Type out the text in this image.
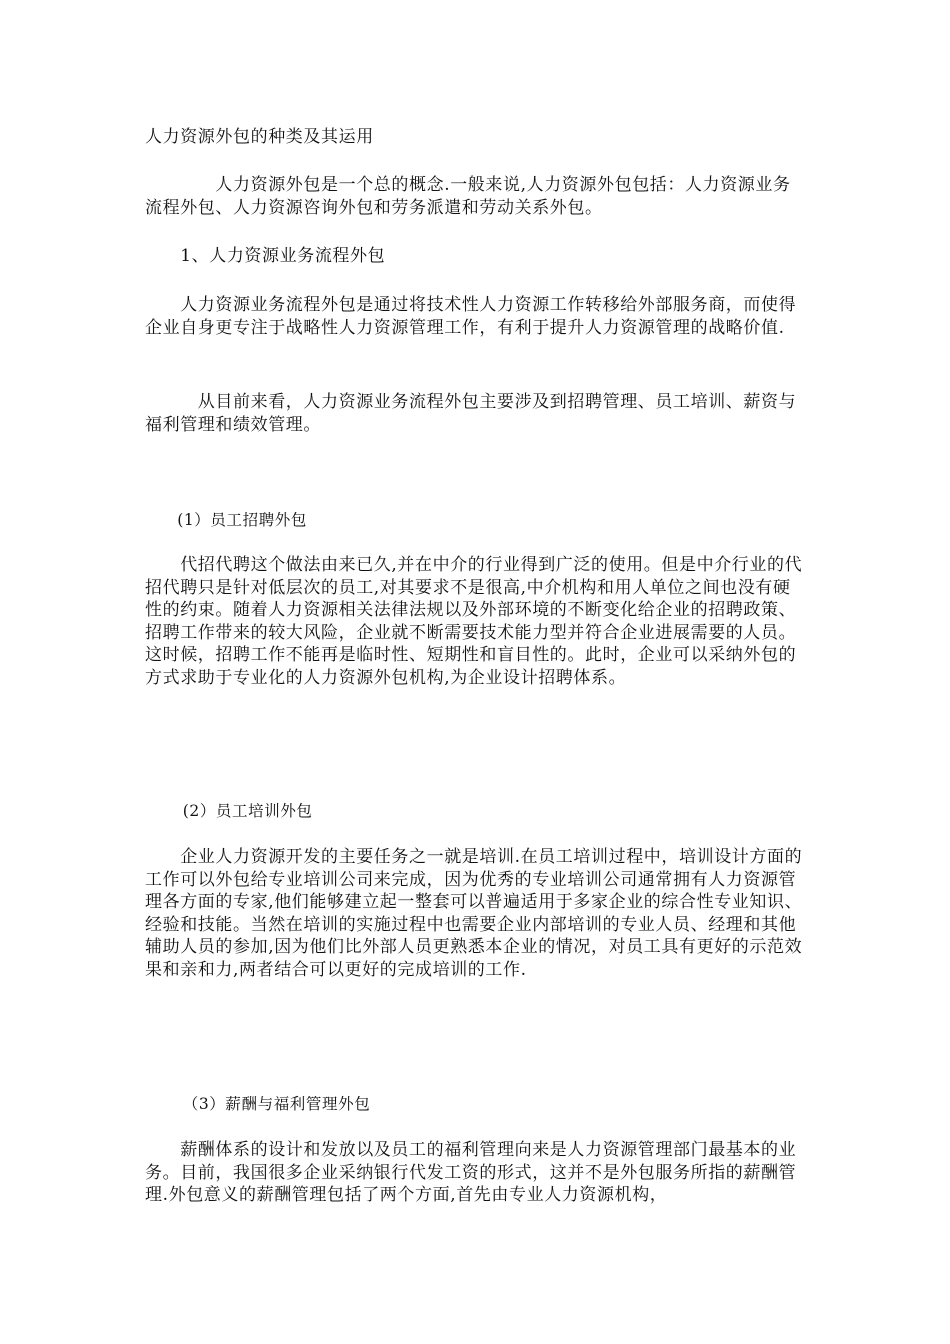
人力资源外包的种类及其运用

　　　　人力资源外包是一个总的概念.一般来说,人力资源外包包括：人力资源业务流程外包、人力资源咨询外包和劳务派遣和劳动关系外包。

　　1、人力资源业务流程外包

　　人力资源业务流程外包是通过将技术性人力资源工作转移给外部服务商，而使得企业自身更专注于战略性人力资源管理工作，有利于提升人力资源管理的战略价值.

　　　从目前来看，人力资源业务流程外包主要涉及到招聘管理、员工培训、薪资与福利管理和绩效管理。

　　(1）员工招聘外包

　　代招代聘这个做法由来已久,并在中介的行业得到广泛的使用。但是中介行业的代招代聘只是针对低层次的员工,对其要求不是很高,中介机构和用人单位之间也没有硬性的约束。随着人力资源相关法律法规以及外部环境的不断变化给企业的招聘政策、招聘工作带来的较大风险，企业就不断需要技术能力型并符合企业进展需要的人员。这时候，招聘工作不能再是临时性、短期性和盲目性的。此时，企业可以采纳外包的方式求助于专业化的人力资源外包机构,为企业设计招聘体系。

　　 (2）员工培训外包

　　企业人力资源开发的主要任务之一就是培训.在员工培训过程中，培训设计方面的工作可以外包给专业培训公司来完成，因为优秀的专业培训公司通常拥有人力资源管理各方面的专家,他们能够建立起一整套可以普遍适用于多家企业的综合性专业知识、经验和技能。当然在培训的实施过程中也需要企业内部培训的专业人员、经理和其他辅助人员的参加,因为他们比外部人员更熟悉本企业的情况，对员工具有更好的示范效果和亲和力,两者结合可以更好的完成培训的工作.

　　 （3）薪酬与福利管理外包

　　薪酬体系的设计和发放以及员工的福利管理向来是人力资源管理部门最基本的业务。目前，我国很多企业采纳银行代发工资的形式，这并不是外包服务所指的薪酬管理.外包意义的薪酬管理包括了两个方面,首先由专业人力资源机构，
